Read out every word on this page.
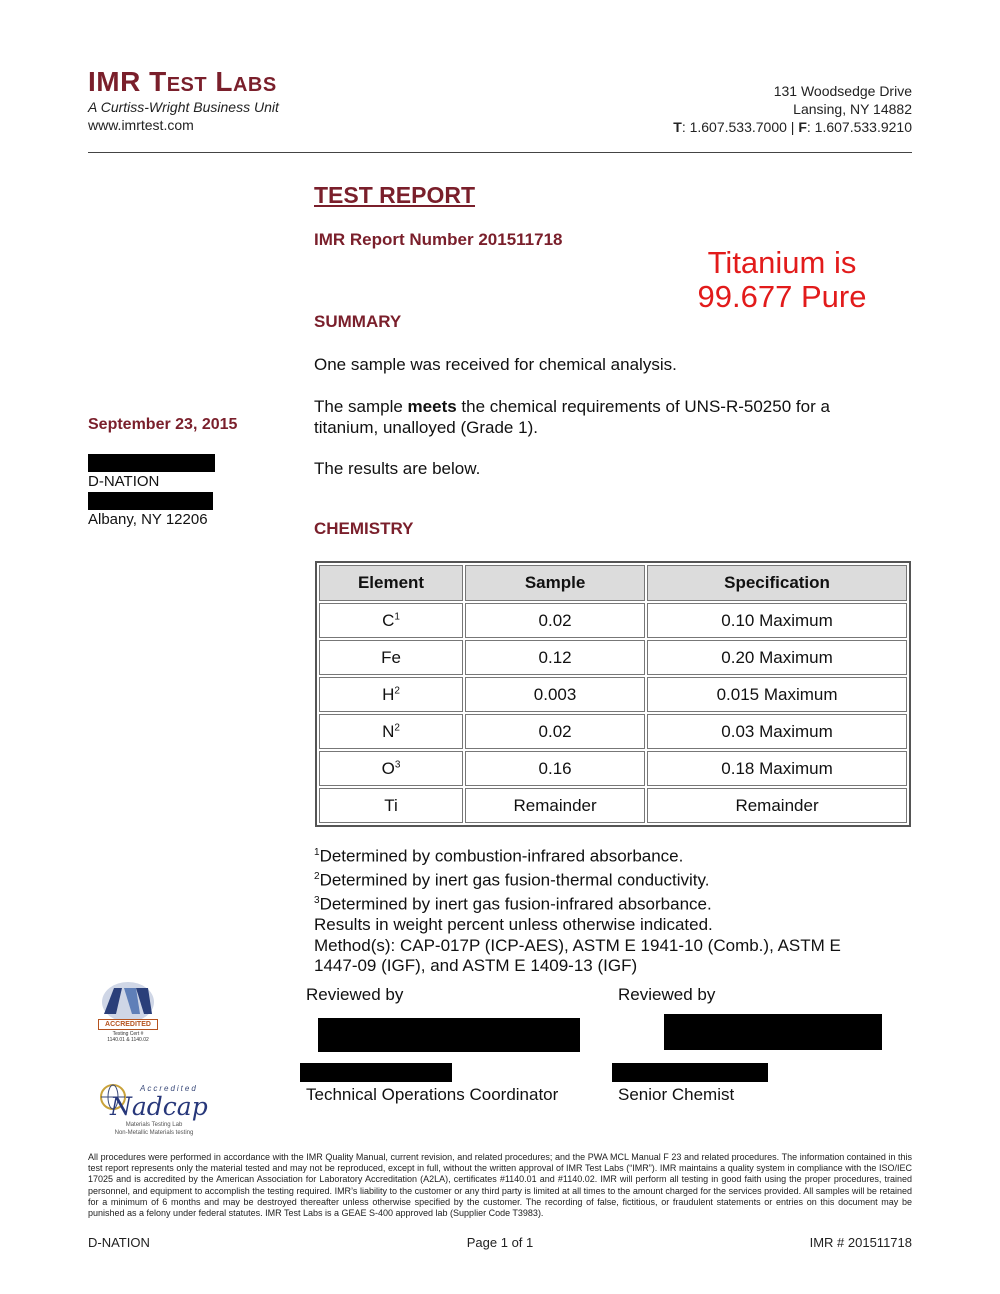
IMR Test Labs
A Curtiss-Wright Business Unit
www.imrtest.com
131 Woodsedge Drive
Lansing, NY 14882
T: 1.607.533.7000 | F: 1.607.533.9210
TEST REPORT
IMR Report Number 201511718
Titanium is
99.677 Pure
SUMMARY
One sample was received for chemical analysis.
The sample meets the chemical requirements of UNS-R-50250 for a
titanium, unalloyed (Grade 1).
The results are below.
September 23, 2015
D-NATION
Albany, NY 12206	CHEMISTRY
Element	Sample	Specification
$C^1$	0.02	0.10 Maximum
Fe	0.12	0.20 Maximum
$H^2$	0.003	0.015 Maximum
$N^2$	0.02	0.03 Maximum
$O^3$	0.16	0.18 Maximum
Ti	Remainder	Remainder
$^1$Determined by combustion-infrared absorbance.
$^2$Determined by inert gas fusion-thermal conductivity.
$^3$Determined by inert gas fusion-infrared absorbance.
Results in weight percent unless otherwise indicated.
Method(s): CAP-017P (ICP-AES), ASTM E 1941-10 (Comb.), ASTM E
1447-09 (IGF), and ASTM E 1409-13 (IGF)
ACCREDITED
Testing Cert #
1140.01 & 1140.02
Accredited
Nadcap
Materials Testing Lab
Non-Metallic Materials testing
Reviewed by
Technical Operations Coordinator
Reviewed by
Senior Chemist
All procedures were performed in accordance with the IMR Quality Manual, current revision, and related procedures; and the PWA MCL Manual F 23 and related procedures. The information contained in this test report represents only the material tested and may not be reproduced, except in full, without the written approval of IMR Test Labs (“IMR”). IMR maintains a quality system in compliance with the ISO/IEC 17025 and is accredited by the American Association for Laboratory Accreditation (A2LA), certificates #1140.01 and #1140.02. IMR will perform all testing in good faith using the proper procedures, trained personnel, and equipment to accomplish the testing required. IMR’s liability to the customer or any third party is limited at all times to the amount charged for the services provided. All samples will be retained for a minimum of 6 months and may be destroyed thereafter unless otherwise specified by the customer. The recording of false, fictitious, or fraudulent statements or entries on this document may be punished as a felony under federal statutes. IMR Test Labs is a GEAE S-400 approved lab (Supplier Code T3983).
D-NATION	Page 1 of 1	IMR # 201511718
